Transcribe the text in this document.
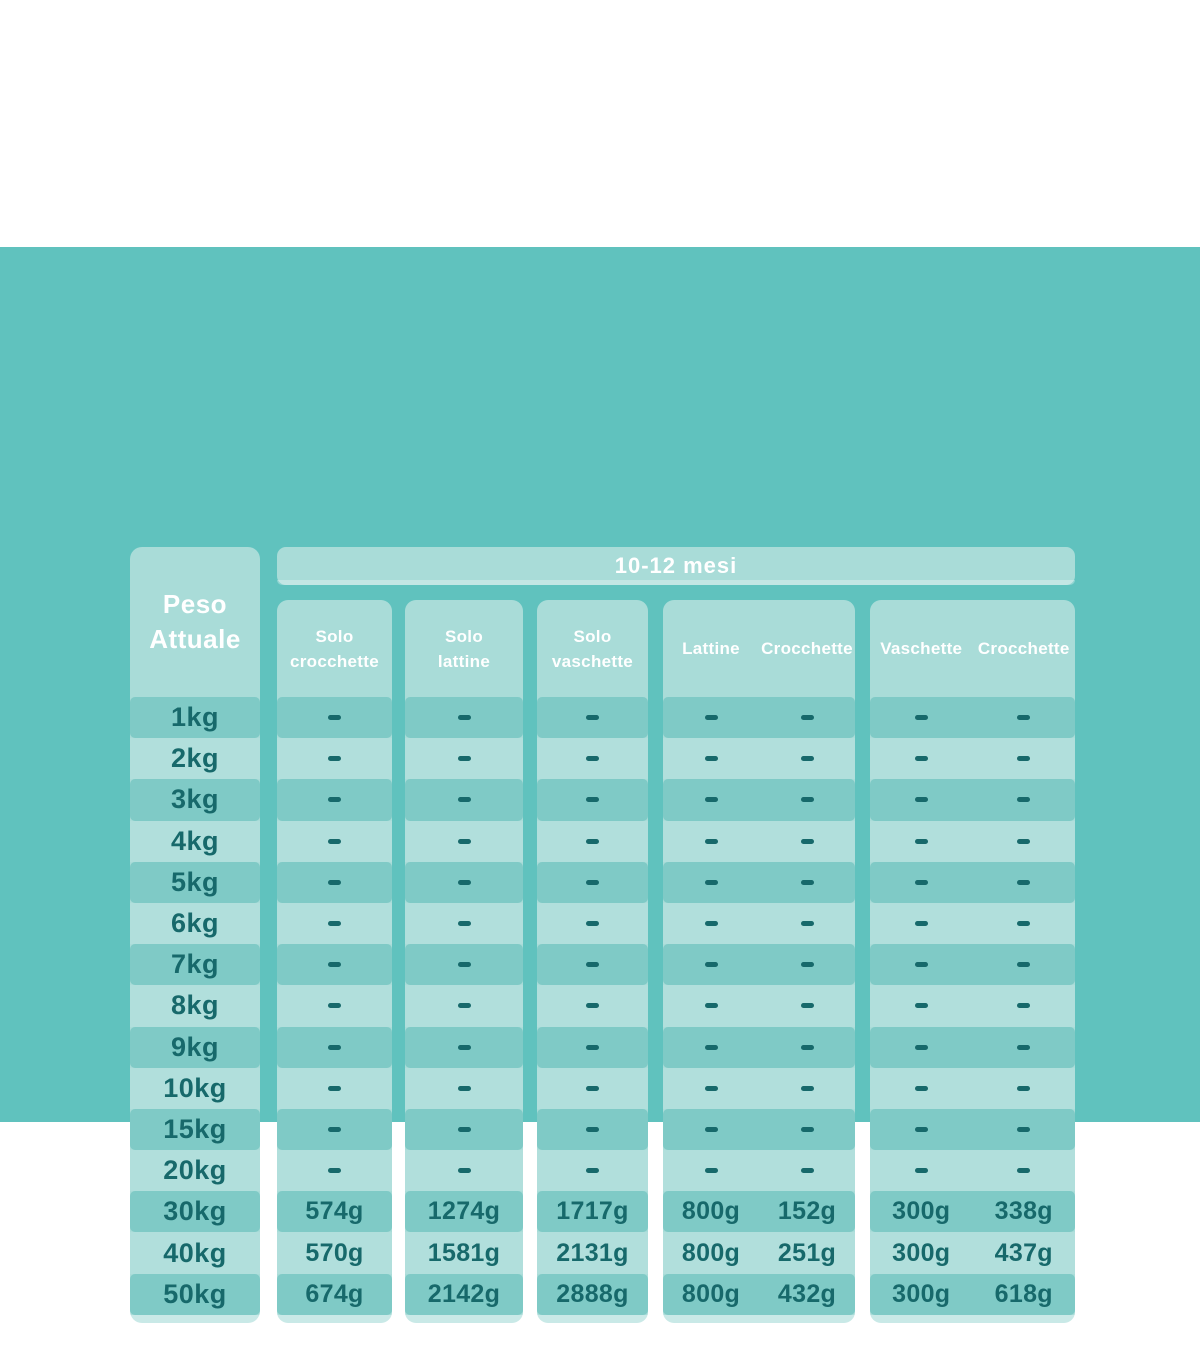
Peso
Attuale
1kg
2kg
3kg
4kg
5kg
6kg
7kg
8kg
9kg
10kg
15kg
20kg
30kg
40kg
50kg
10-12 mesi
Solo
crocchette
574g
570g
674g
Solo
lattine
1274g
1581g
2142g
Solo
vaschette
1717g
2131g
2888g
Lattine	Crocchette
800g 152g
800g 251g
800g 432g
Vaschette Crocchette
300g 338g
300g 437g
300g 618g
